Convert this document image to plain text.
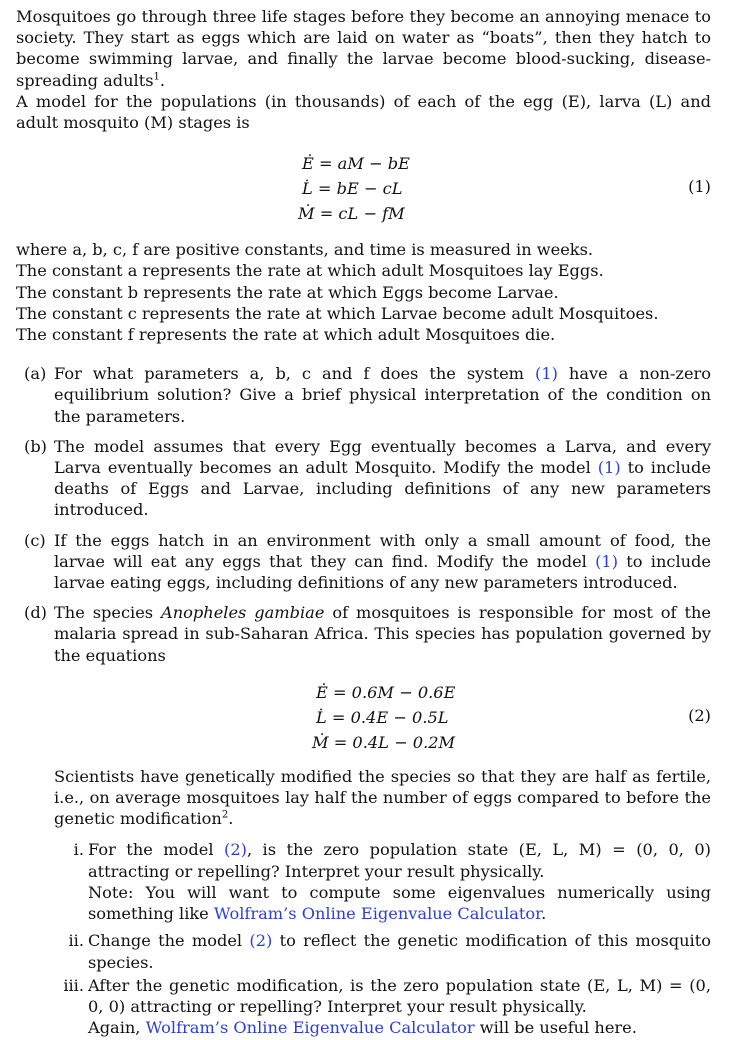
Mosquitoes go through three life stages before they become an annoying menace to society. They start as eggs which are laid on water as “boats”, then they hatch to become swimming larvae, and finally the larvae become blood-sucking, disease-spreading adults$^1$.

A model for the populations (in thousands) of each of the egg (E), larva (L) and adult mosquito (M) stages is

Ė = aM − bE
L̇ = bE − cL
Ṁ = cL − fM
(1)

where a, b, c, f are positive constants, and time is measured in weeks.

The constant a represents the rate at which adult Mosquitoes lay Eggs.

The constant b represents the rate at which Eggs become Larvae.

The constant c represents the rate at which Larvae become adult Mosquitoes.

The constant f represents the rate at which adult Mosquitoes die.

(a) For what parameters a, b, c and f does the system (1) have a non-zero equilibrium solution? Give a brief physical interpretation of the condition on the parameters.
(b) The model assumes that every Egg eventually becomes a Larva, and every Larva eventually becomes an adult Mosquito. Modify the model (1) to include deaths of Eggs and Larvae, including definitions of any new parameters introduced.
(c) If the eggs hatch in an environment with only a small amount of food, the larvae will eat any eggs that they can find. Modify the model (1) to include larvae eating eggs, including definitions of any new parameters introduced.
(d) The species Anopheles gambiae of mosquitoes is responsible for most of the malaria spread in sub-Saharan Africa. This species has population governed by the equations
Ė = 0.6M − 0.6E
L̇ = 0.4E − 0.5L
Ṁ = 0.4L − 0.2M
(2)

Scientists have genetically modified the species so that they are half as fertile, i.e., on average mosquitoes lay half the number of eggs compared to before the genetic modification$^2$.

i. For the model (2), is the zero population state (E, L, M) = (0, 0, 0) attracting or repelling? Interpret your result physically.
Note: You will want to compute some eigenvalues numerically using something like Wolfram’s Online Eigenvalue Calculator.
ii. Change the model (2) to reflect the genetic modification of this mosquito species.
iii. After the genetic modification, is the zero population state (E, L, M) = (0, 0, 0) attracting or repelling? Interpret your result physically.
Again, Wolfram’s Online Eigenvalue Calculator will be useful here.
